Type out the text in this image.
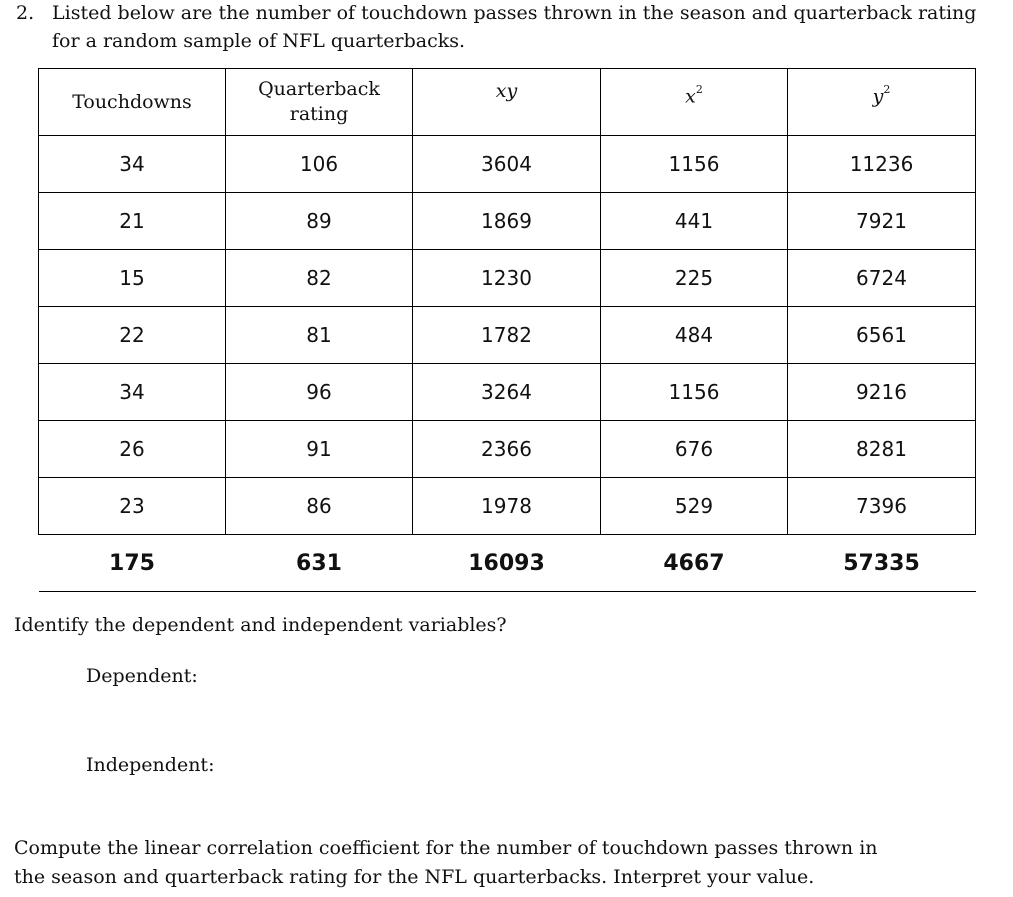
2. Listed below are the number of touchdown passes thrown in the season and quarterback rating for a random sample of NFL quarterbacks.
Touchdowns	Quarterback rating	xy	$x^2$	$y^2$
34	106	3604	1156	11236
21	89	1869	441	7921
15	82	1230	225	6724
22	81	1782	484	6561
34	96	3264	1156	9216
26	91	2366	676	8281
23	86	1978	529	7396
175	631	16093	4667	57335
Identify the dependent and independent variables?
Dependent:
Independent:
Compute the linear correlation coefficient for the number of touchdown passes thrown in the season and quarterback rating for the NFL quarterbacks. Interpret your value.
